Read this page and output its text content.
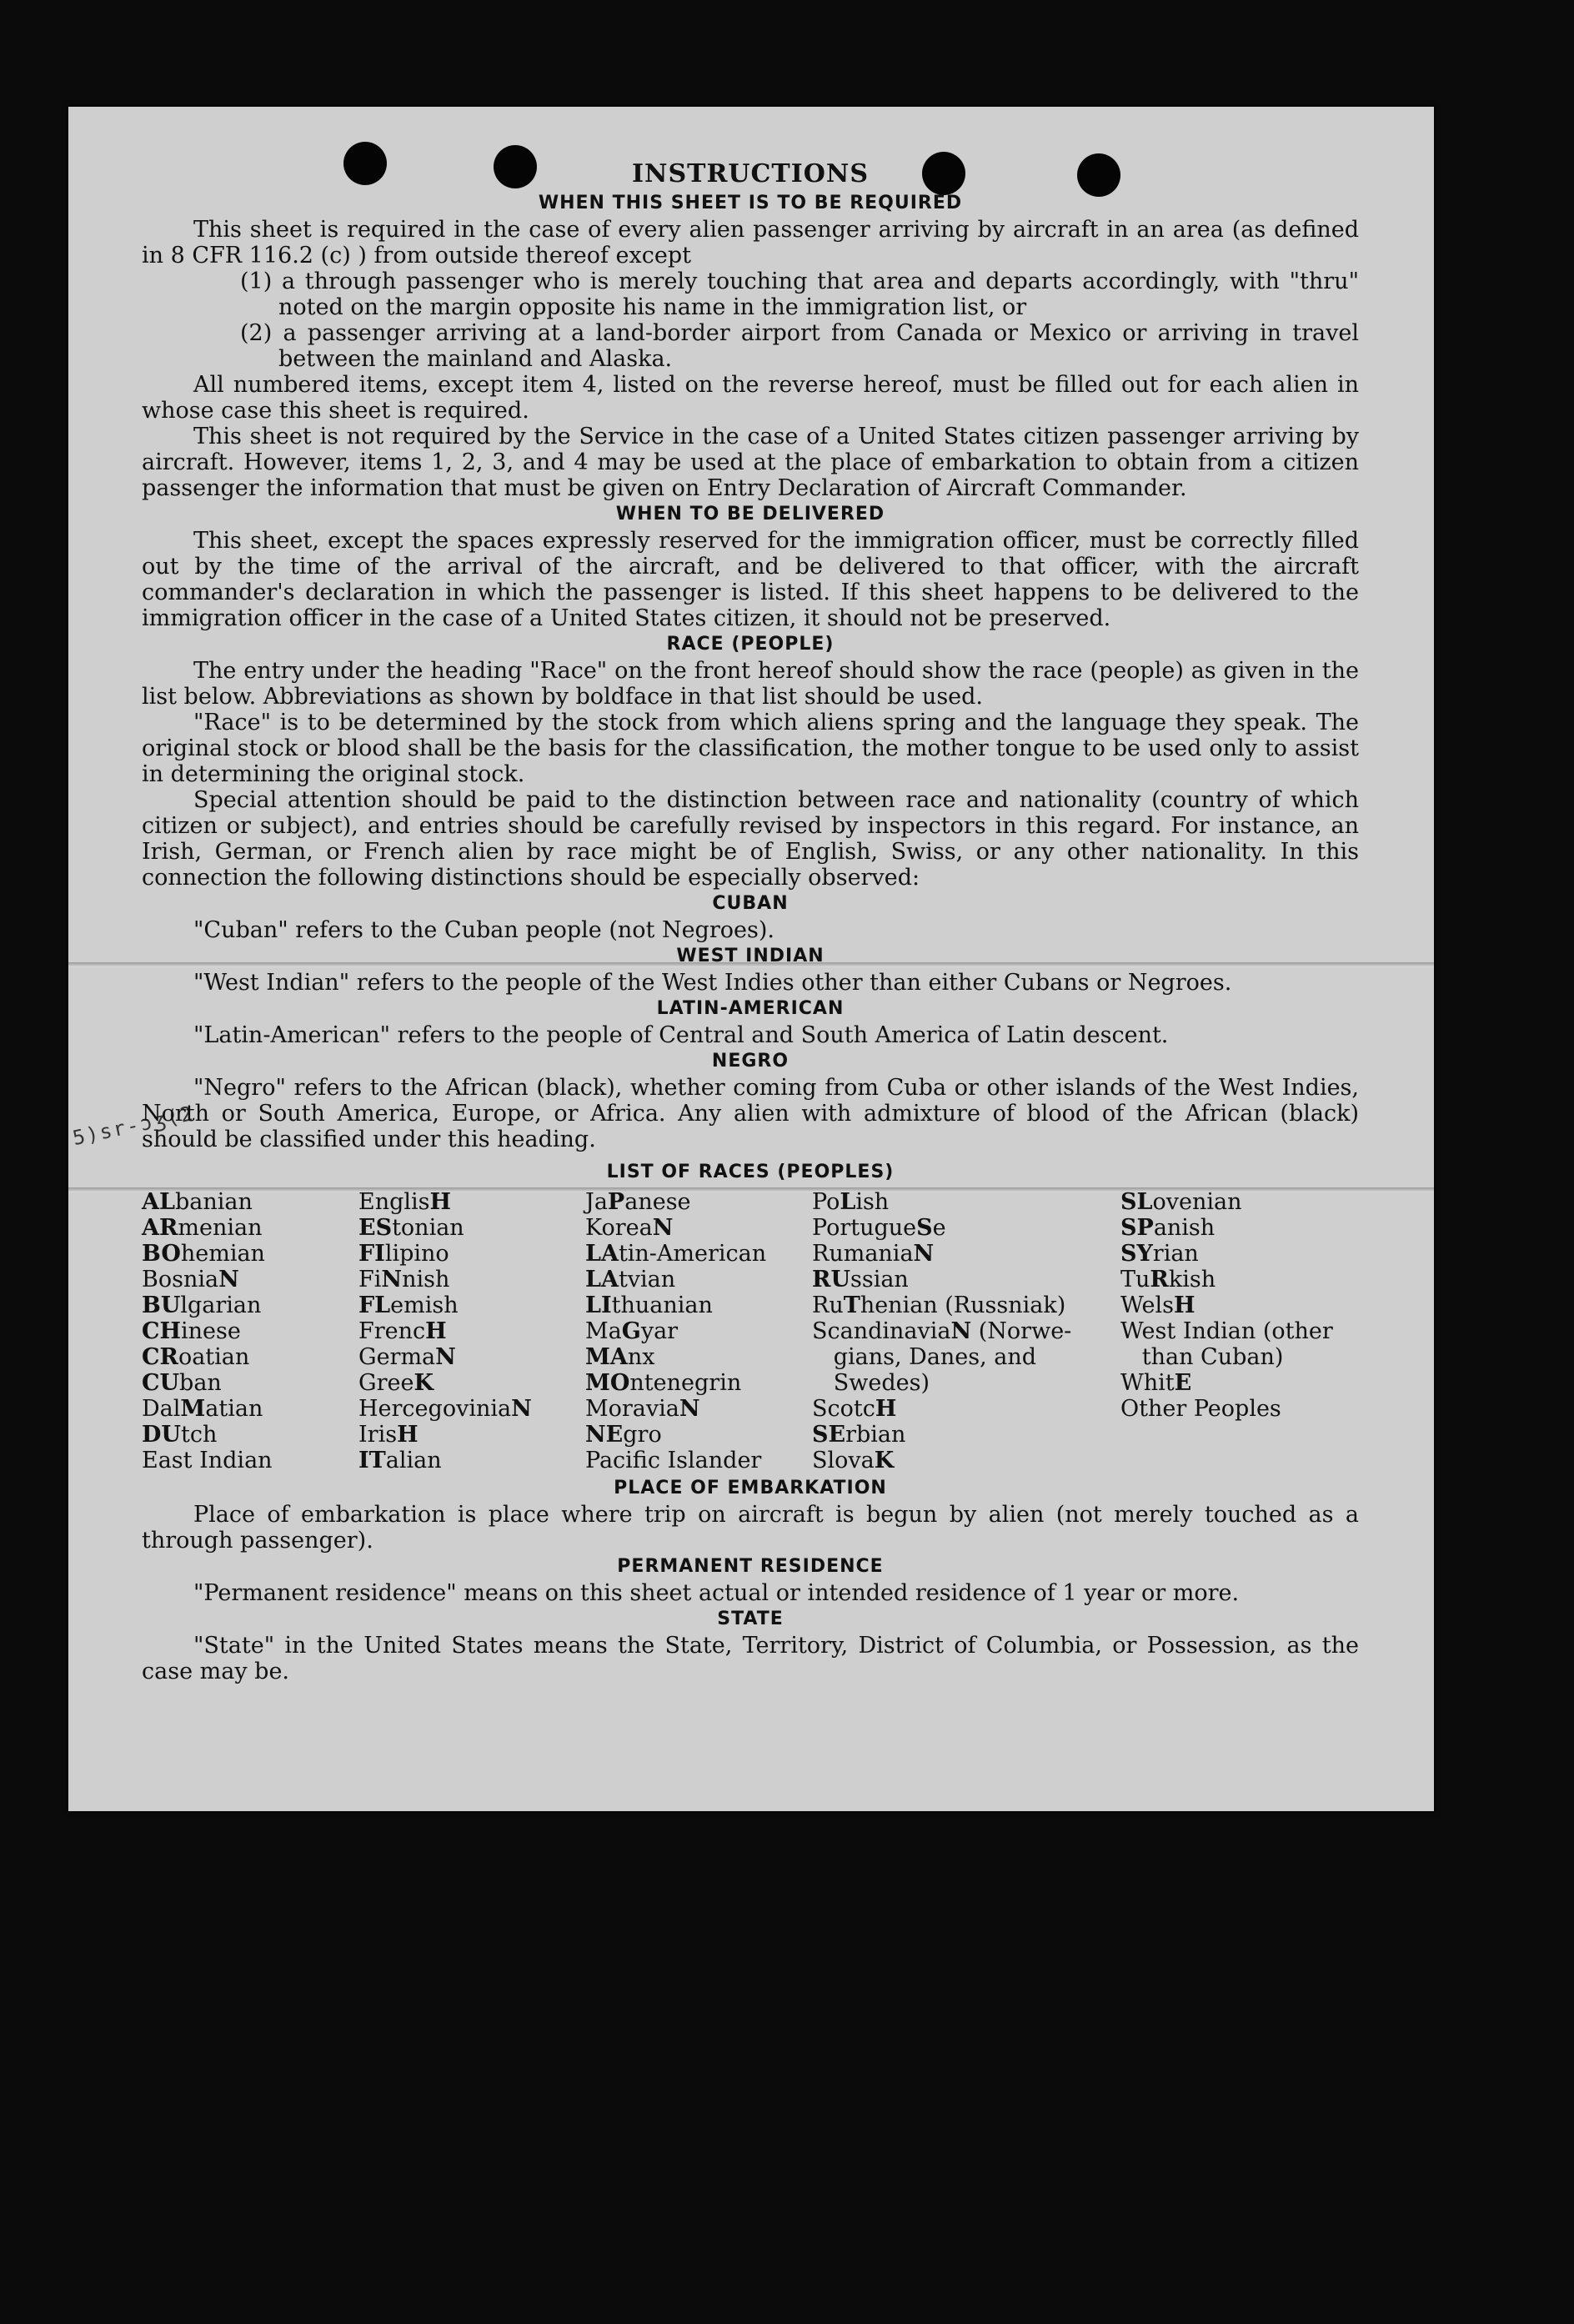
5)sr-ɔʒ(2
INSTRUCTIONS
WHEN THIS SHEET IS TO BE REQUIRED

This sheet is required in the case of every alien passenger arriving by aircraft in an area (as defined in 8 CFR 116.2 (c) ) from outside thereof except

(1) a through passenger who is merely touching that area and departs accordingly, with "thru" noted on the margin opposite his name in the immigration list, or
(2) a passenger arriving at a land-border airport from Canada or Mexico or arriving in travel between the mainland and Alaska.

All numbered items, except item 4, listed on the reverse hereof, must be filled out for each alien in whose case this sheet is required.

This sheet is not required by the Service in the case of a United States citizen passenger arriving by aircraft. However, items 1, 2, 3, and 4 may be used at the place of embarkation to obtain from a citizen passenger the information that must be given on Entry Declaration of Aircraft Commander.

WHEN TO BE DELIVERED

This sheet, except the spaces expressly reserved for the immigration officer, must be correctly filled out by the time of the arrival of the aircraft, and be delivered to that officer, with the aircraft commander's declaration in which the passenger is listed. If this sheet happens to be delivered to the immigration officer in the case of a United States citizen, it should not be preserved.

RACE (PEOPLE)

The entry under the heading "Race" on the front hereof should show the race (people) as given in the list below. Abbreviations as shown by boldface in that list should be used.

"Race" is to be determined by the stock from which aliens spring and the language they speak. The original stock or blood shall be the basis for the classification, the mother tongue to be used only to assist in determining the original stock.

Special attention should be paid to the distinction between race and nationality (country of which citizen or subject), and entries should be carefully revised by inspectors in this regard. For instance, an Irish, German, or French alien by race might be of English, Swiss, or any other nationality. In this connection the following distinctions should be especially observed:

CUBAN

"Cuban" refers to the Cuban people (not Negroes).

WEST INDIAN

"West Indian" refers to the people of the West Indies other than either Cubans or Negroes.

LATIN-AMERICAN

"Latin-American" refers to the people of Central and South America of Latin descent.

NEGRO

"Negro" refers to the African (black), whether coming from Cuba or other islands of the West Indies, North or South America, Europe, or Africa. Any alien with admixture of blood of the African (black) should be classified under this heading.

LIST OF RACES (PEOPLES)
ALbanian
ARmenian
BOhemian
BosniaN
BUlgarian
CHinese
CRoatian
CUban
DalMatian
DUtch
East Indian
EnglisH
EStonian
FIlipino
FiNnish
FLemish
FrencH
GermaN
GreeK
HercegoviniaN
IrisH
ITalian
JaPanese
KoreaN
LAtin-American
LAtvian
LIthuanian
MaGyar
MAnx
MOntenegrin
MoraviaN
NEgro
Pacific Islander
PoLish
PortugueSe
RumaniaN
RUssian
RuThenian (Russniak)
ScandinaviaN (Norwe-
gians, Danes, and
Swedes)
ScotcH
SErbian
SlovaK
SLovenian
SPanish
SYrian
TuRkish
WelsH
West Indian (other
than Cuban)
WhitE
Other Peoples
PLACE OF EMBARKATION

Place of embarkation is place where trip on aircraft is begun by alien (not merely touched as a through passenger).

PERMANENT RESIDENCE

"Permanent residence" means on this sheet actual or intended residence of 1 year or more.

STATE

"State" in the United States means the State, Territory, District of Columbia, or Possession, as the case may be.
